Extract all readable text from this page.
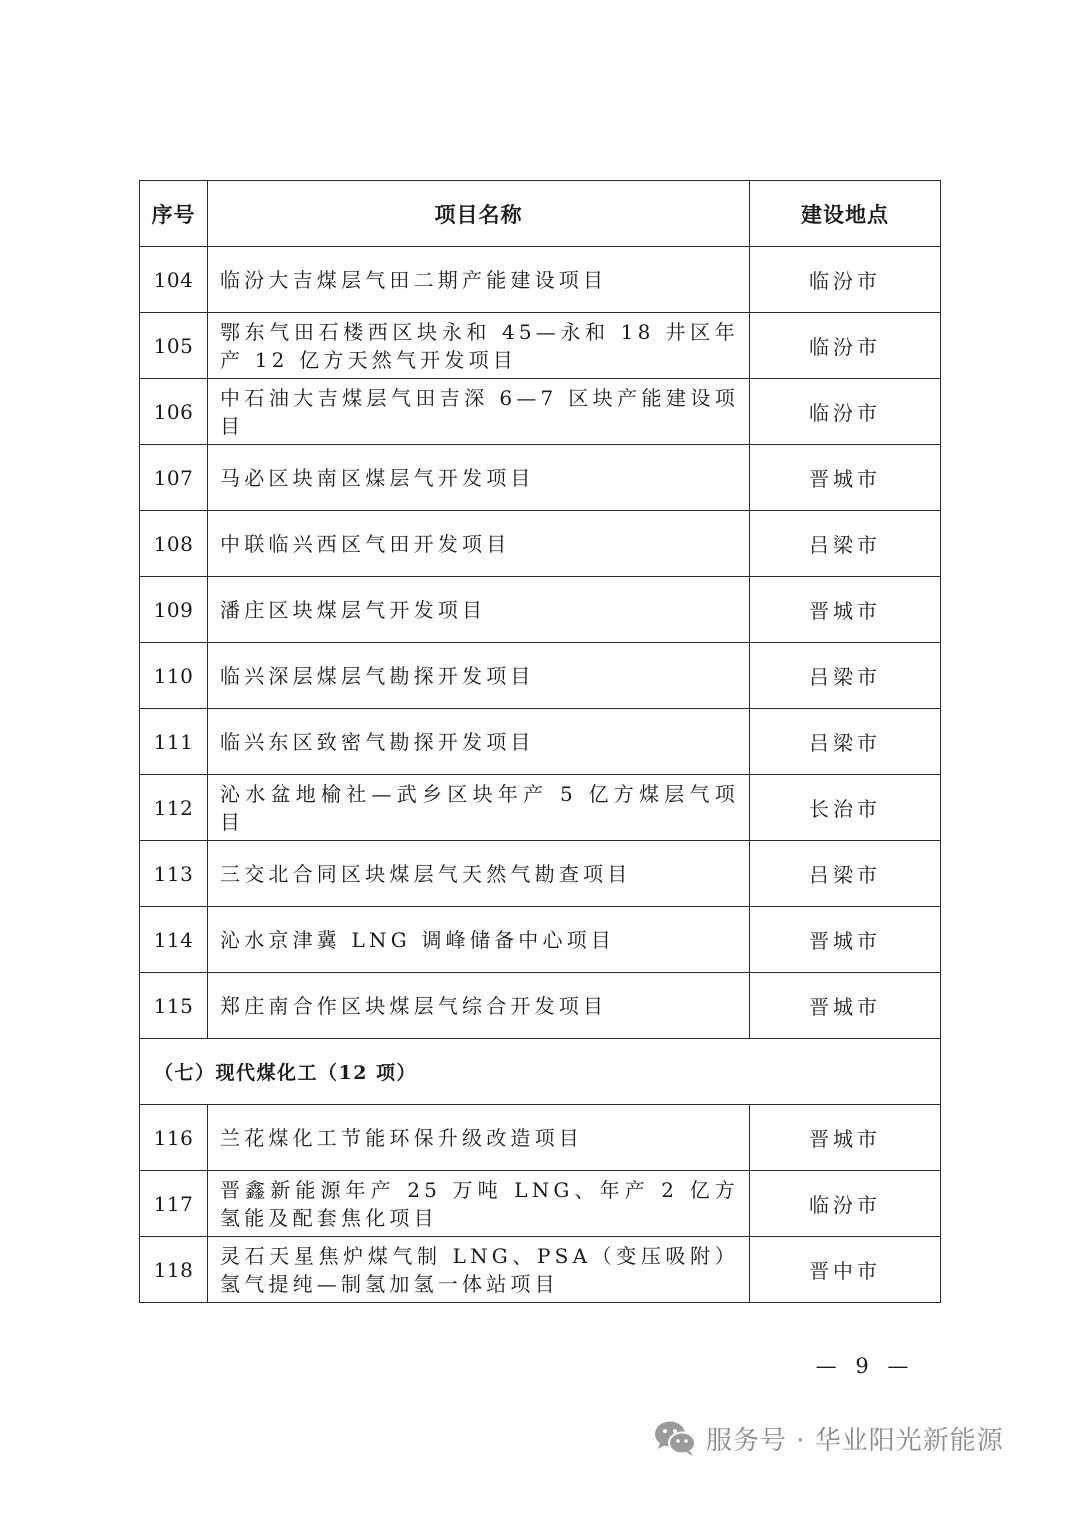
序号	项目名称	建设地点
104	临汾大吉煤层气田二期产能建设项目	临汾市
105	鄂东气田石楼西区块永和 45—永和 18 井区年产 12 亿方天然气开发项目	临汾市
106	中石油大吉煤层气田吉深 6—7 区块产能建设项目	临汾市
107	马必区块南区煤层气开发项目	晋城市
108	中联临兴西区气田开发项目	吕梁市
109	潘庄区块煤层气开发项目	晋城市
110	临兴深层煤层气勘探开发项目	吕梁市
111	临兴东区致密气勘探开发项目	吕梁市
112	沁水盆地榆社—武乡区块年产 5 亿方煤层气项目	长治市
113	三交北合同区块煤层气天然气勘查项目	吕梁市
114	沁水京津冀 LNG 调峰储备中心项目	晋城市
115	郑庄南合作区块煤层气综合开发项目	晋城市
（七）现代煤化工（12 项）		
116	兰花煤化工节能环保升级改造项目	晋城市
117	晋鑫新能源年产 25 万吨 LNG、年产 2 亿方氢能及配套焦化项目	临汾市
118	灵石天星焦炉煤气制 LNG、PSA（变压吸附）氢气提纯—制氢加氢一体站项目	晋中市
— 9 —
服务号 · 华业阳光新能源
